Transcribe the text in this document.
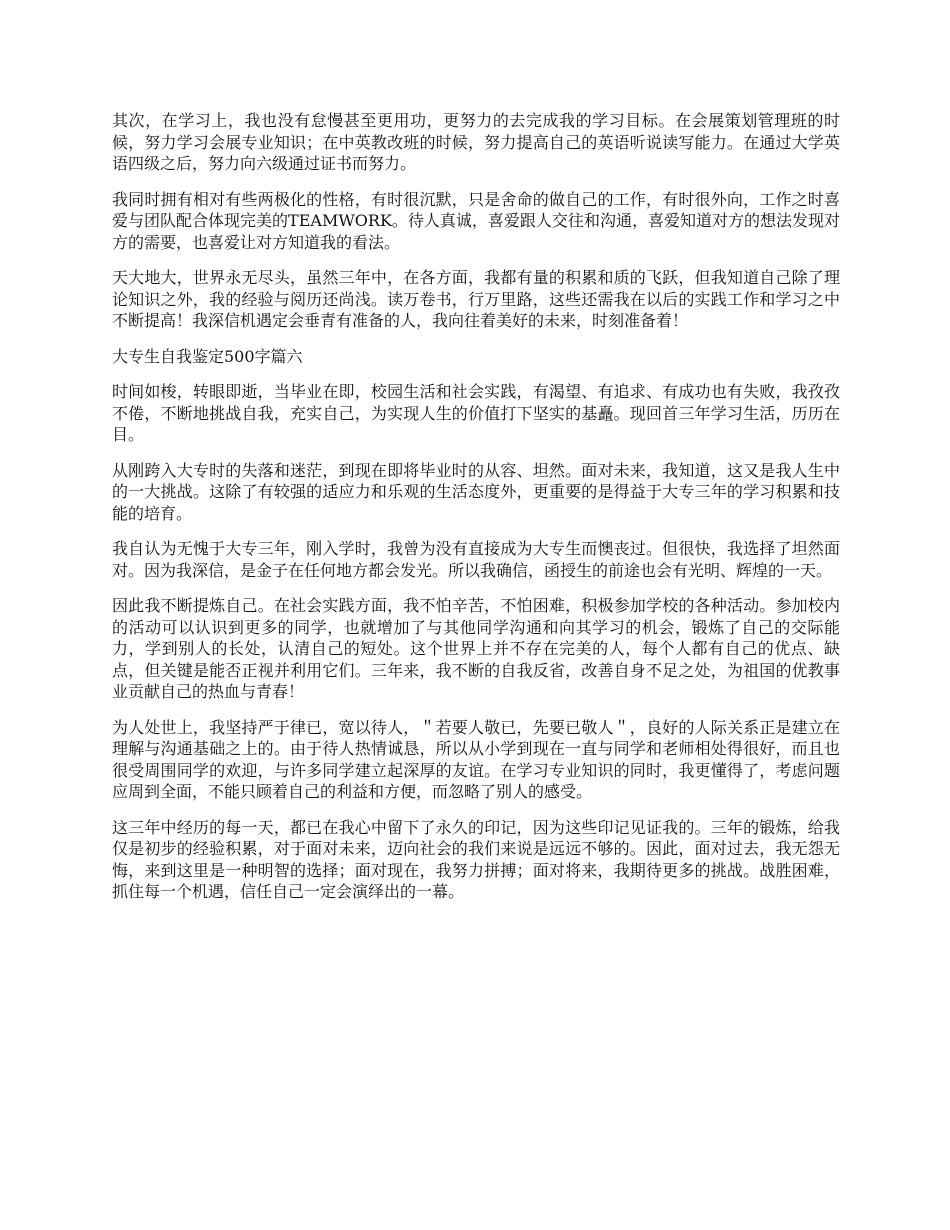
其次，在学习上，我也没有怠慢甚至更用功，更努力的去完成我的学习目标。在会展策划管理班的时候，努力学习会展专业知识；在中英教改班的时候，努力提高自己的英语听说读写能力。在通过大学英语四级之后，努力向六级通过证书而努力。

我同时拥有相对有些两极化的性格，有时很沉默，只是舍命的做自己的工作，有时很外向，工作之时喜爱与团队配合体现完美的TEAMWORK。待人真诚，喜爱跟人交往和沟通，喜爱知道对方的想法发现对方的需要，也喜爱让对方知道我的看法。

天大地大，世界永无尽头，虽然三年中，在各方面，我都有量的积累和质的飞跃，但我知道自己除了理论知识之外，我的经验与阅历还尚浅。读万卷书，行万里路，这些还需我在以后的实践工作和学习之中不断提高！我深信机遇定会垂青有准备的人，我向往着美好的未来，时刻准备着！

大专生自我鉴定500字篇六

时间如梭，转眼即逝，当毕业在即，校园生活和社会实践，有渴望、有追求、有成功也有失败，我孜孜不倦，不断地挑战自我，充实自己，为实现人生的价值打下坚实的基矗。现回首三年学习生活，历历在目。

从刚跨入大专时的失落和迷茫，到现在即将毕业时的从容、坦然。面对未来，我知道，这又是我人生中的一大挑战。这除了有较强的适应力和乐观的生活态度外，更重要的是得益于大专三年的学习积累和技能的培育。

我自认为无愧于大专三年，刚入学时，我曾为没有直接成为大专生而懊丧过。但很快，我选择了坦然面对。因为我深信，是金子在任何地方都会发光。所以我确信，函授生的前途也会有光明、辉煌的一天。

因此我不断提炼自己。在社会实践方面，我不怕辛苦，不怕困难，积极参加学校的各种活动。参加校内的活动可以认识到更多的同学，也就增加了与其他同学沟通和向其学习的机会，锻炼了自己的交际能力，学到别人的长处，认清自己的短处。这个世界上并不存在完美的人，每个人都有自己的优点、缺点，但关键是能否正视并利用它们。三年来，我不断的自我反省，改善自身不足之处，为祖国的优教事业贡献自己的热血与青春！

为人处世上，我坚持严于律已，宽以待人，＂若要人敬已，先要已敬人＂，良好的人际关系正是建立在理解与沟通基础之上的。由于待人热情诚恳，所以从小学到现在一直与同学和老师相处得很好，而且也很受周围同学的欢迎，与许多同学建立起深厚的友谊。在学习专业知识的同时，我更懂得了，考虑问题应周到全面，不能只顾着自己的利益和方便，而忽略了别人的感受。

这三年中经历的每一天，都已在我心中留下了永久的印记，因为这些印记见证我的。三年的锻炼，给我仅是初步的经验积累，对于面对未来，迈向社会的我们来说是远远不够的。因此，面对过去，我无怨无悔，来到这里是一种明智的选择；面对现在，我努力拼搏；面对将来，我期待更多的挑战。战胜困难，抓住每一个机遇，信任自己一定会演绎出的一幕。
